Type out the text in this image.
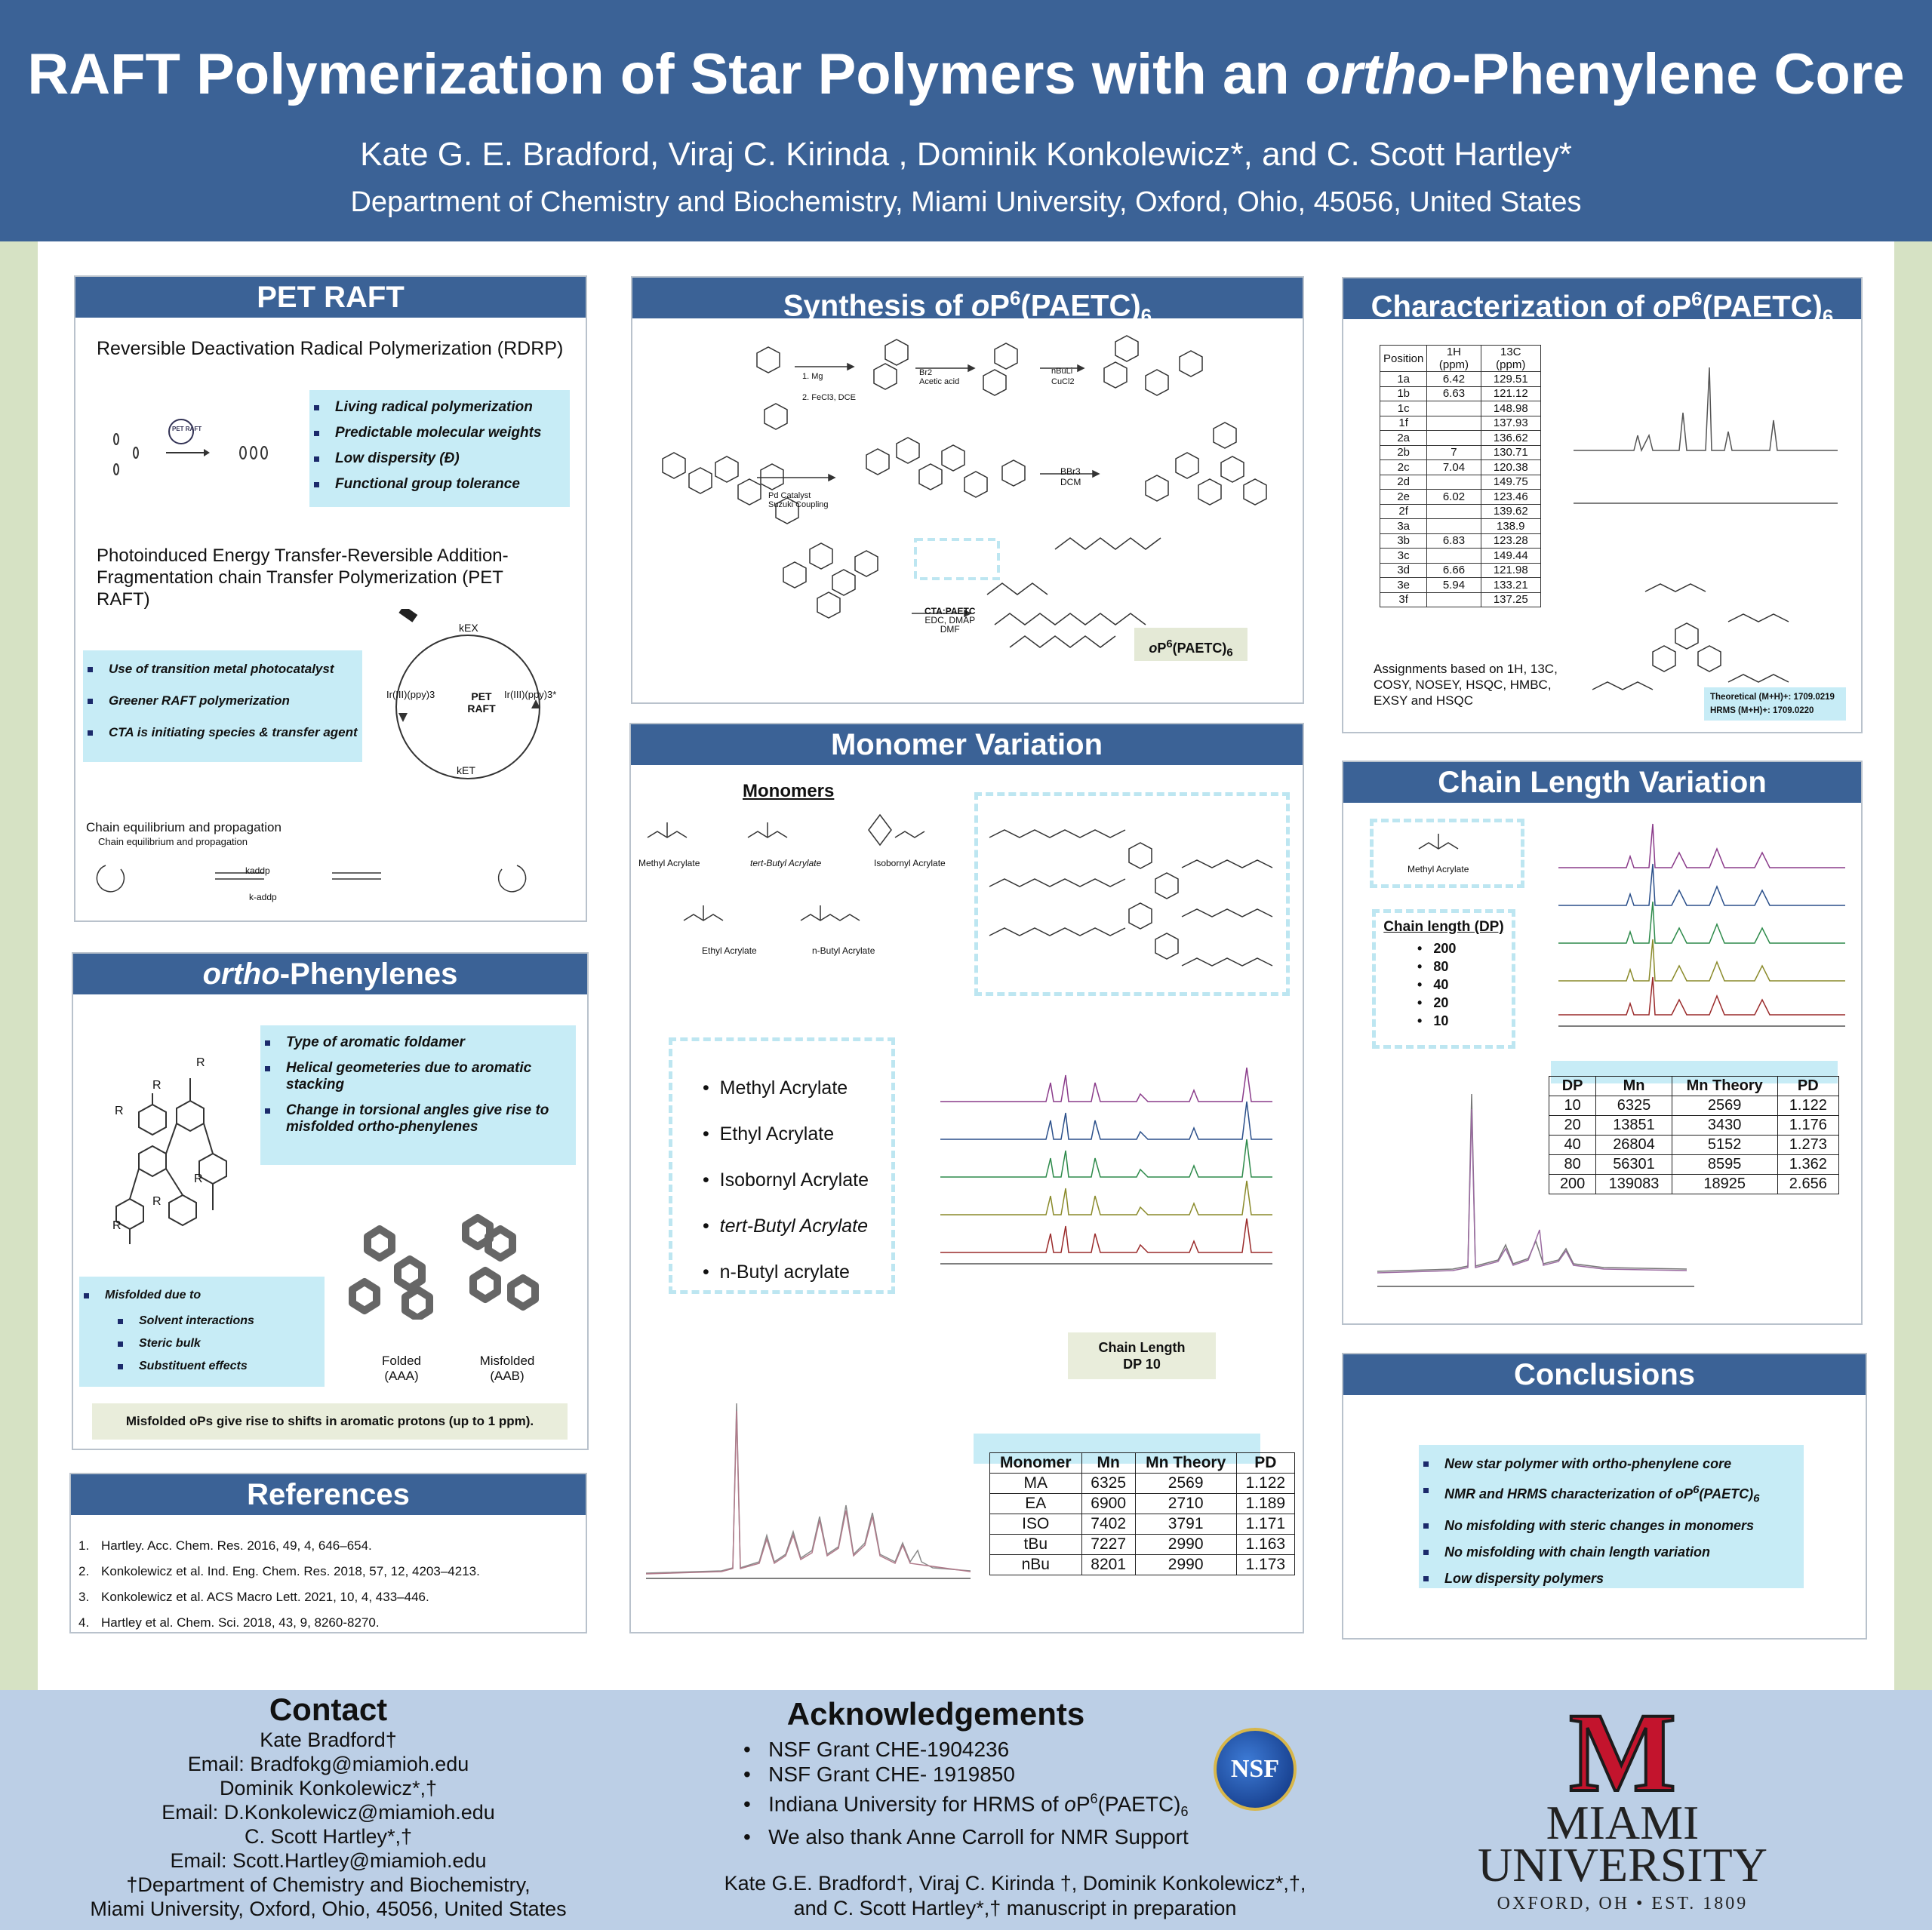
RAFT Polymerization of Star Polymers with an ortho-Phenylene Core
Kate G. E. Bradford, Viraj C. Kirinda , Dominik Konkolewicz*, and C. Scott Hartley*
Department of Chemistry and Biochemistry, Miami University, Oxford, Ohio, 45056, United States
PET RAFT
Reversible Deactivation Radical Polymerization (RDRP)
PET RAFT
Living radical polymerization
Predictable molecular weights
Low dispersity (Đ)
Functional group tolerance
Photoinduced Energy Transfer-Reversible Addition-Fragmentation chain Transfer Polymerization (PET RAFT)
Use of transition metal photocatalyst
Greener RAFT polymerization
CTA is initiating species & transfer agent
PET RAFT
kEX
kET
Ir(III)(ppy)3	Ir(III)(ppy)3*
Chain equilibrium and propagation
Chain equilibrium and propagation
kaddp
k-addp
ortho-Phenylenes
Type of aromatic foldamer
Helical geometeries due to aromatic stacking
Change in torsional angles give rise to misfolded ortho-phenylenes
R
R
R
R
R
R
Folded
(AAA)
Misfolded
(AAB)
Misfolded due to
Solvent interactions
Steric bulk
Substituent effects
Misfolded oPs give rise to shifts in aromatic protons (up to 1 ppm).
References
1. Hartley. Acc. Chem. Res. 2016, 49, 4, 646–654.
2. Konkolewicz et al. Ind. Eng. Chem. Res. 2018, 57, 12, 4203–4213.
3. Konkolewicz et al. ACS Macro Lett. 2021, 10, 4, 433–446.
4. Hartley et al. Chem. Sci. 2018, 43, 9, 8260-8270.
Synthesis of $oP^6(PAETC)_6$
1. Mg
2. FeCl3, DCE
Br2
Acetic acid
nBuLi
CuCl2
Pd Catalyst
Suzuki Coupling
BBr3
DCM
CTA:PAETC
EDC, DMAP
DMF
$oP^6(PAETC)_6$
Monomer Variation
Monomers
Methyl Acrylate	tert-Butyl Acrylate	Isobornyl Acrylate
Ethyl Acrylate	n-Butyl Acrylate
•  Methyl Acrylate
•  Ethyl Acrylate
•  Isobornyl Acrylate
•  tert-Butyl Acrylate
•  n-Butyl acrylate
Chain Length
DP 10
Monomer	Mn	Mn Theory	PD
MA	6325	2569	1.122
EA	6900	2710	1.189
ISO	7402	3791	1.171
tBu	7227	2990	1.163
nBu	8201	2990	1.173
Characterization of $oP^6(PAETC)_6$
Position	1H (ppm)	13C (ppm)
1a	6.42	129.51
1b	6.63	121.12
1c		148.98
1f		137.93
2a		136.62
2b	7	130.71
2c	7.04	120.38
2d		149.75
2e	6.02	123.46
2f		139.62
3a		138.9
3b	6.83	123.28
3c		149.44
3d	6.66	121.98
3e	5.94	133.21
3f		137.25
Assignments based on 1H, 13C, COSY, NOSEY, HSQC, HMBC, EXSY and HSQC	Theoretical (M+H)+: 1709.0219
HRMS (M+H)+: 1709.0220
Chain Length Variation
Methyl Acrylate
Chain length (DP)
•   200
•   80
•   40
•   20
•   10
DP	Mn	Mn Theory	PD
10	6325	2569	1.122
20	13851	3430	1.176
40	26804	5152	1.273
80	56301	8595	1.362
200	139083	18925	2.656
Conclusions
New star polymer with ortho-phenylene core
NMR and HRMS characterization of $oP^6(PAETC)_6$
No misfolding with steric changes in monomers
No misfolding with chain length variation
Low dispersity polymers
Contact
Kate Bradford†
Email: Bradfokg@miamioh.edu
Dominik Konkolewicz*,†
Email: D.Konkolewicz@miamioh.edu
C. Scott Hartley*,†
Email: Scott.Hartley@miamioh.edu
†Department of Chemistry and Biochemistry,
Miami University, Oxford, Ohio, 45056, United States
Acknowledgements
•   NSF Grant CHE-1904236
•   NSF Grant CHE- 1919850
•   Indiana University for HRMS of $oP^6(PAETC)_6$
•   We also thank Anne Carroll for NMR Support
NSF
Kate G.E. Bradford†, Viraj C. Kirinda †, Dominik Konkolewicz*,†,
and C. Scott Hartley*,† manuscript in preparation
M
MIAMI
UNIVERSITY
OXFORD, OH • EST. 1809
